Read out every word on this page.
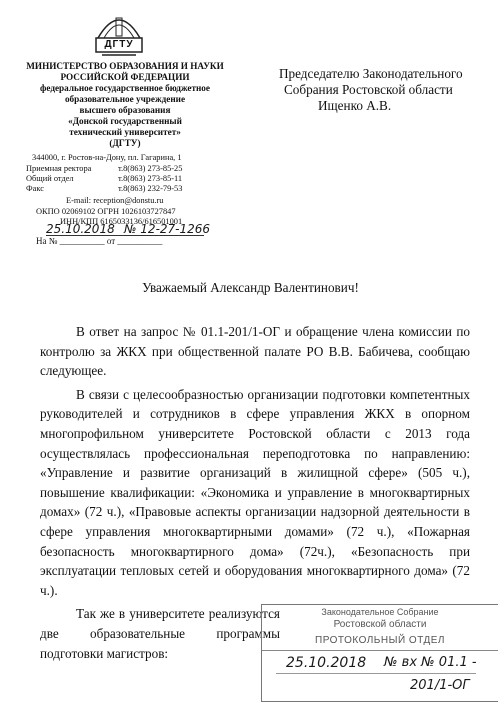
ДГТУ
МИНИСТЕРСТВО ОБРАЗОВАНИЯ И НАУКИ
РОССИЙСКОЙ ФЕДЕРАЦИИ
федеральное государственное бюджетное
образовательное учреждение
высшего образования
«Донской государственный
технический университет»
(ДГТУ)
344000, г. Ростов-на-Дону, пл. Гагарина, 1
Приемная ректора	т.8(863) 273-85-25
Общий отдел	т.8(863) 273-85-11
Факс	т.8(863) 232-79-53
E-mail: reception@donstu.ru
ОКПО 02069102 ОГРН 1026103727847
ИНН/КПП 6165033136/616501001
25.10.2018 № 12-27-1266
На № __________ от __________
Председателю Законодательного
Собрания Ростовской области
Ищенко А.В.
Уважаемый Александр Валентинович!

В ответ на запрос № 01.1-201/1-ОГ и обращение члена комиссии по контролю за ЖКХ при общественной палате РО В.В. Бабичева, сообщаю следующее.

В связи с целесообразностью организации подготовки компетентных руководителей и сотрудников в сфере управления ЖКХ в опорном многопрофильном университете Ростовской области с 2013 года осуществлялась профессиональная переподготовка по направлению: «Управление и развитие организаций в жилищной сфере» (505 ч.), повышение квалификации: «Экономика и управление в многоквартирных домах» (72 ч.), «Правовые аспекты организации надзорной деятельности в сфере управления многоквартирными домами» (72 ч.), «Пожарная безопасность многоквартирного дома» (72ч.), «Безопасность при эксплуатации тепловых сетей и оборудования многоквартирного дома» (72 ч.).

Так же в университете реализуются две образовательные программы подготовки магистров:

Законодательное Собрание
Ростовской области
ПРОТОКОЛЬНЫЙ ОТДЕЛ
25.10.2018 № вх № 01.1 -
201/1-ОГ
